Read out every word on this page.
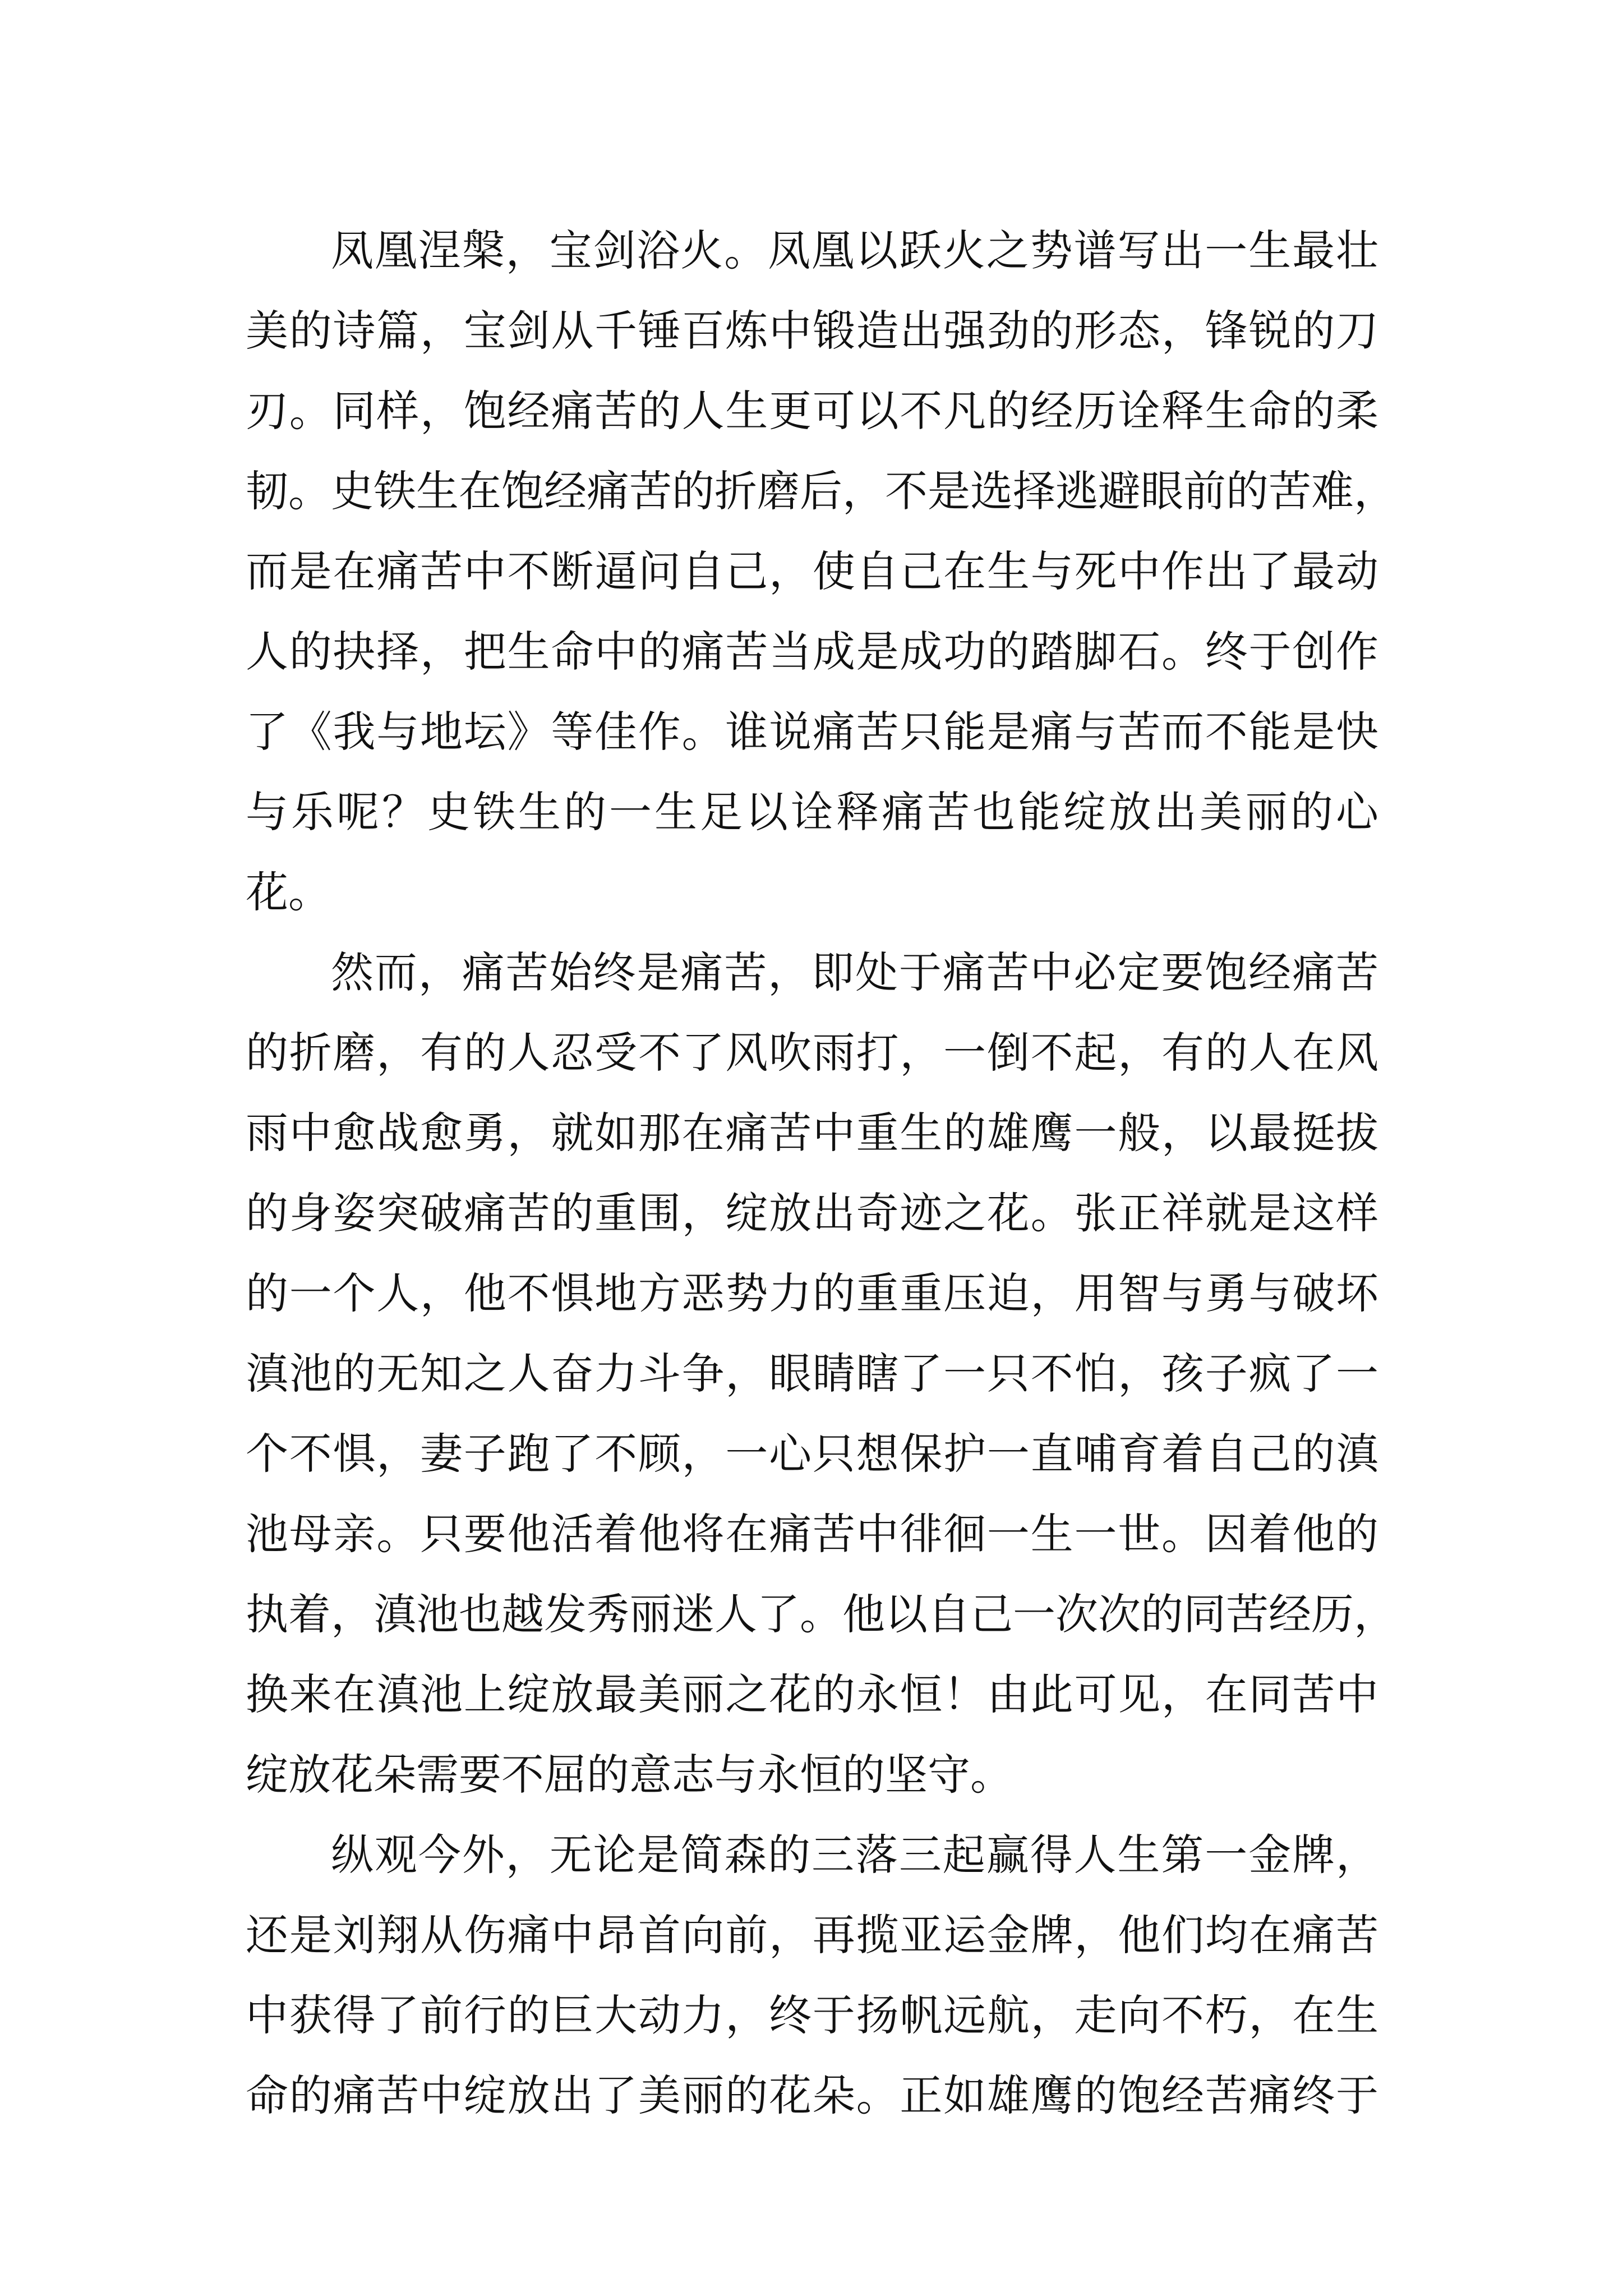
凤凰涅槃，宝剑浴火。凤凰以跃火之势谱写出一生最壮
美的诗篇，宝剑从千锤百炼中锻造出强劲的形态，锋锐的刀
刃。同样，饱经痛苦的人生更可以不凡的经历诠释生命的柔
韧。史铁生在饱经痛苦的折磨后，不是选择逃避眼前的苦难，
而是在痛苦中不断逼问自己，使自己在生与死中作出了最动
人的抉择，把生命中的痛苦当成是成功的踏脚石。终于创作
了《我与地坛》等佳作。谁说痛苦只能是痛与苦而不能是快
与乐呢？史铁生的一生足以诠释痛苦也能绽放出美丽的心
花。
然而，痛苦始终是痛苦，即处于痛苦中必定要饱经痛苦
的折磨，有的人忍受不了风吹雨打，一倒不起，有的人在风
雨中愈战愈勇，就如那在痛苦中重生的雄鹰一般，以最挺拔
的身姿突破痛苦的重围，绽放出奇迹之花。张正祥就是这样
的一个人，他不惧地方恶势力的重重压迫，用智与勇与破坏
滇池的无知之人奋力斗争，眼睛瞎了一只不怕，孩子疯了一
个不惧，妻子跑了不顾，一心只想保护一直哺育着自己的滇
池母亲。只要他活着他将在痛苦中徘徊一生一世。因着他的
执着，滇池也越发秀丽迷人了。他以自己一次次的同苦经历，
换来在滇池上绽放最美丽之花的永恒！由此可见，在同苦中
绽放花朵需要不屈的意志与永恒的坚守。
纵观今外，无论是简森的三落三起赢得人生第一金牌，
还是刘翔从伤痛中昂首向前，再揽亚运金牌，他们均在痛苦
中获得了前行的巨大动力，终于扬帆远航，走向不朽，在生
命的痛苦中绽放出了美丽的花朵。正如雄鹰的饱经苦痛终于
